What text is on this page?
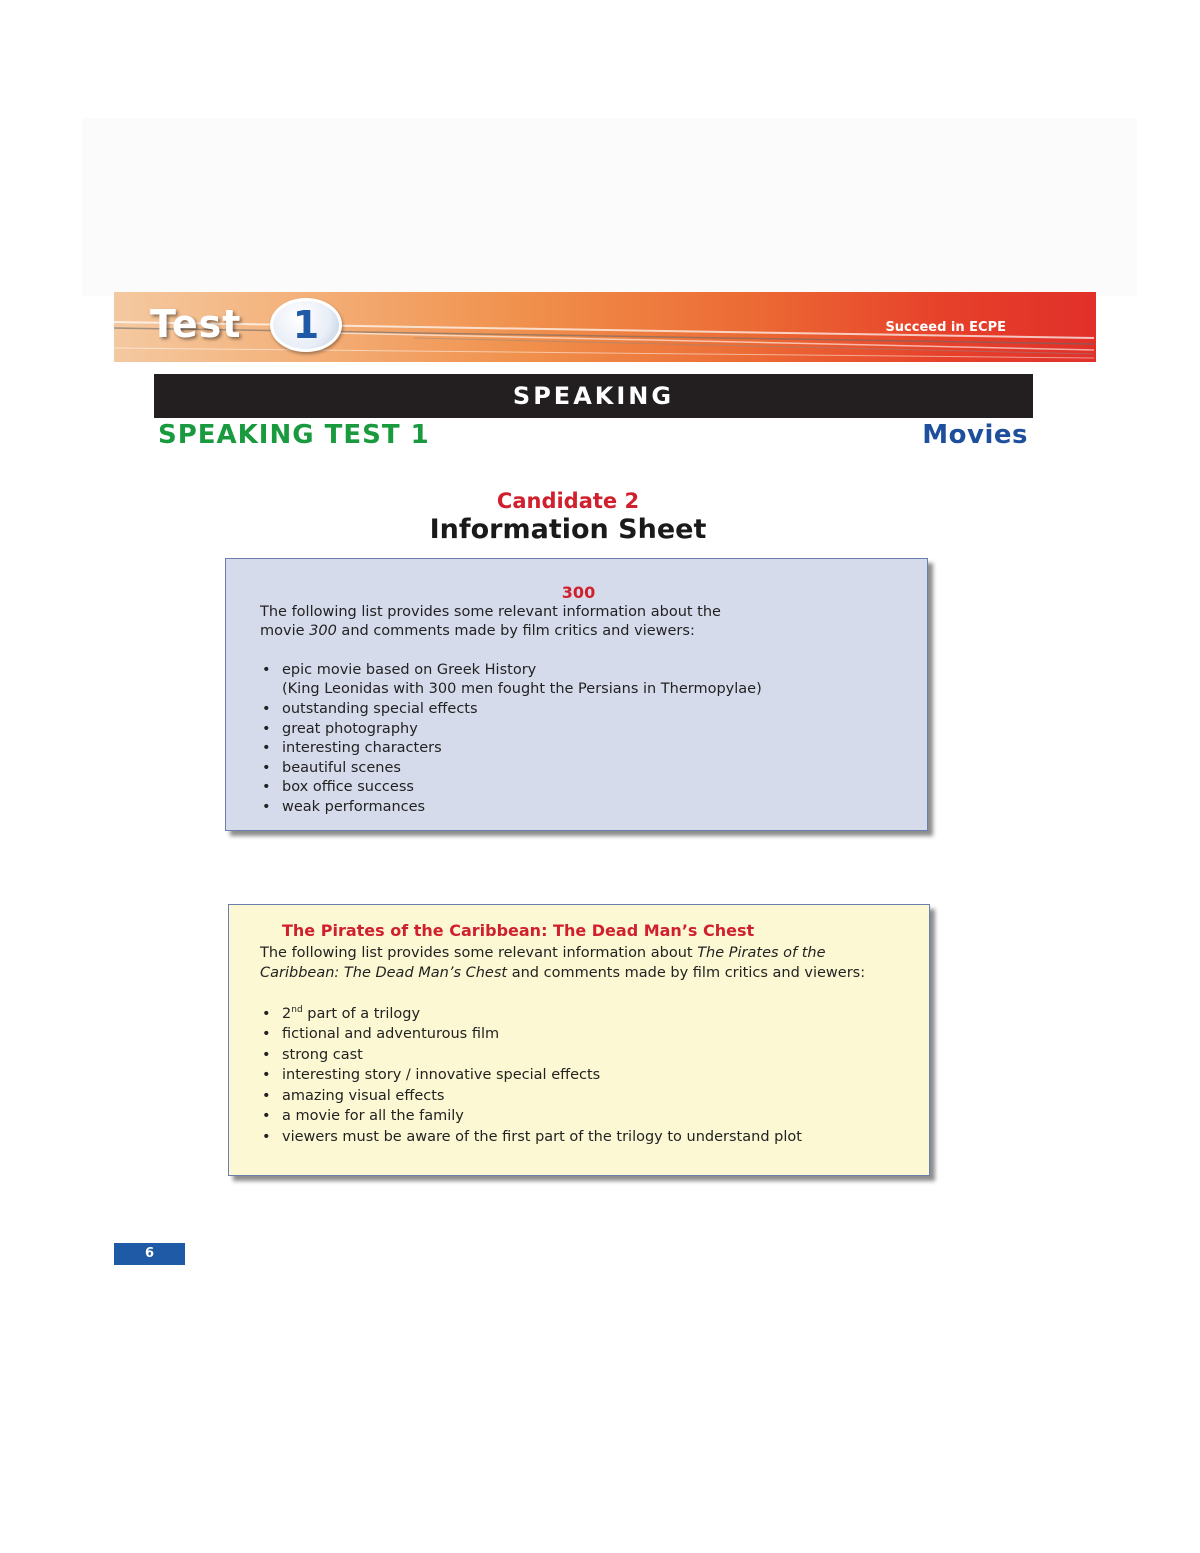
Test	1	Succeed in ECPE
SPEAKING
SPEAKING TEST 1	Movies
Candidate 2
Information Sheet
300
The following list provides some relevant information about the
movie 300 and comments made by film critics and viewers:
• epic movie based on Greek History
(King Leonidas with 300 men fought the Persians in Thermopylae)
• outstanding special effects
• great photography
• interesting characters
• beautiful scenes
• box office success
• weak performances
The Pirates of the Caribbean: The Dead Man’s Chest
The following list provides some relevant information about The Pirates of the Caribbean: The Dead Man’s Chest and comments made by film critics and viewers:
• 2nd part of a trilogy
• fictional and adventurous film
• strong cast
• interesting story / innovative special effects
• amazing visual effects
• a movie for all the family
• viewers must be aware of the first part of the trilogy to understand plot
6
